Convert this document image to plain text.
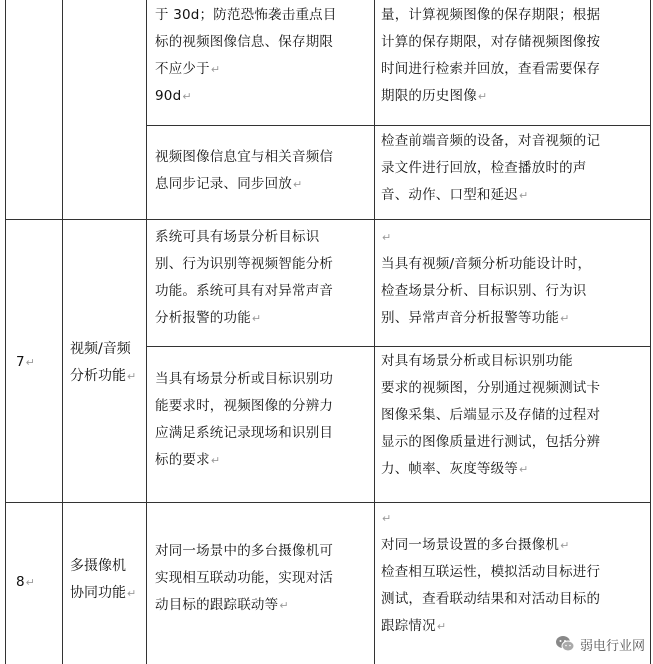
于 30d；防范恐怖袭击重点目
标的视频图像信息、保存期限
不应少于↵
90d↵
量，计算视频图像的保存期限；根据
计算的保存期限，对存储视频图像按
时间进行检索并回放，查看需要保存
期限的历史图像↵
视频图像信息宜与相关音频信
息同步记录、同步回放↵
检查前端音频的设备，对音视频的记
录文件进行回放，检查播放时的声
音、动作、口型和延迟↵
7↵
视频/音频
分析功能↵
系统可具有场景分析目标识
别、行为识别等视频智能分析
功能。系统可具有对异常声音
分析报警的功能↵
↵
当具有视频/音频分析功能设计时，
检查场景分析、目标识别、行为识
别、异常声音分析报警等功能↵
当具有场景分析或目标识别功
能要求时，视频图像的分辨力
应满足系统记录现场和识别目
标的要求↵
对具有场景分析或目标识别功能
要求的视频图，分别通过视频测试卡
图像采集、后端显示及存储的过程对
显示的图像质量进行测试，包括分辨
力、帧率、灰度等级等↵
8↵
多摄像机
协同功能↵
对同一场景中的多台摄像机可
实现相互联动功能，实现对活
动目标的跟踪联动等↵
↵
对同一场景设置的多台摄像机↵
检查相互联运性，模拟活动目标进行
测试，查看联动结果和对活动目标的
跟踪情况↵
弱电行业网
